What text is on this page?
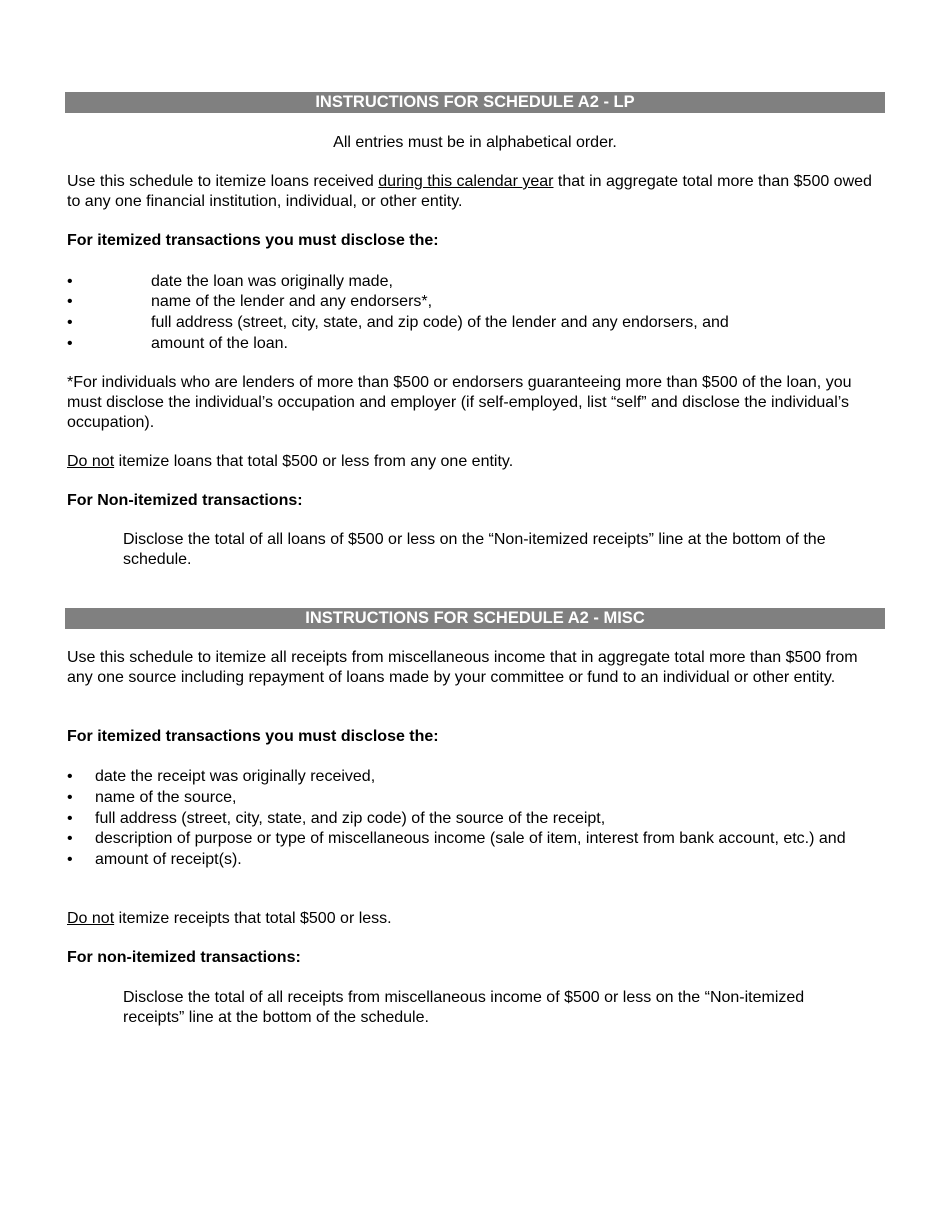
INSTRUCTIONS FOR SCHEDULE A2 - LP
All entries must be in alphabetical order.
Use this schedule to itemize loans received during this calendar year that in aggregate total more than $500 owed to any one financial institution, individual, or other entity.
For itemized transactions you must disclose the:
•	date the loan was originally made,
•	name of the lender and any endorsers*,
•	full address (street, city, state, and zip code) of the lender and any endorsers, and
•	amount of the loan.
*For individuals who are lenders of more than $500 or endorsers guaranteeing more than $500 of the loan, you must disclose the individual’s occupation and employer (if self-employed, list “self” and disclose the individual’s occupation).
Do not itemize loans that total $500 or less from any one entity.
For Non-itemized transactions:
Disclose the total of all loans of $500 or less on the “Non-itemized receipts” line at the bottom of the schedule.
INSTRUCTIONS FOR SCHEDULE A2 - MISC
Use this schedule to itemize all receipts from miscellaneous income that in aggregate total more than $500 from any one source including repayment of loans made by your committee or fund to an individual or other entity.
For itemized transactions you must disclose the:
• date the receipt was originally received,
• name of the source,
• full address (street, city, state, and zip code) of the source of the receipt,
• description of purpose or type of miscellaneous income (sale of item, interest from bank account, etc.) and
• amount of receipt(s).
Do not itemize receipts that total $500 or less.
For non-itemized transactions:
Disclose the total of all receipts from miscellaneous income of $500 or less on the “Non-itemized receipts” line at the bottom of the schedule.
